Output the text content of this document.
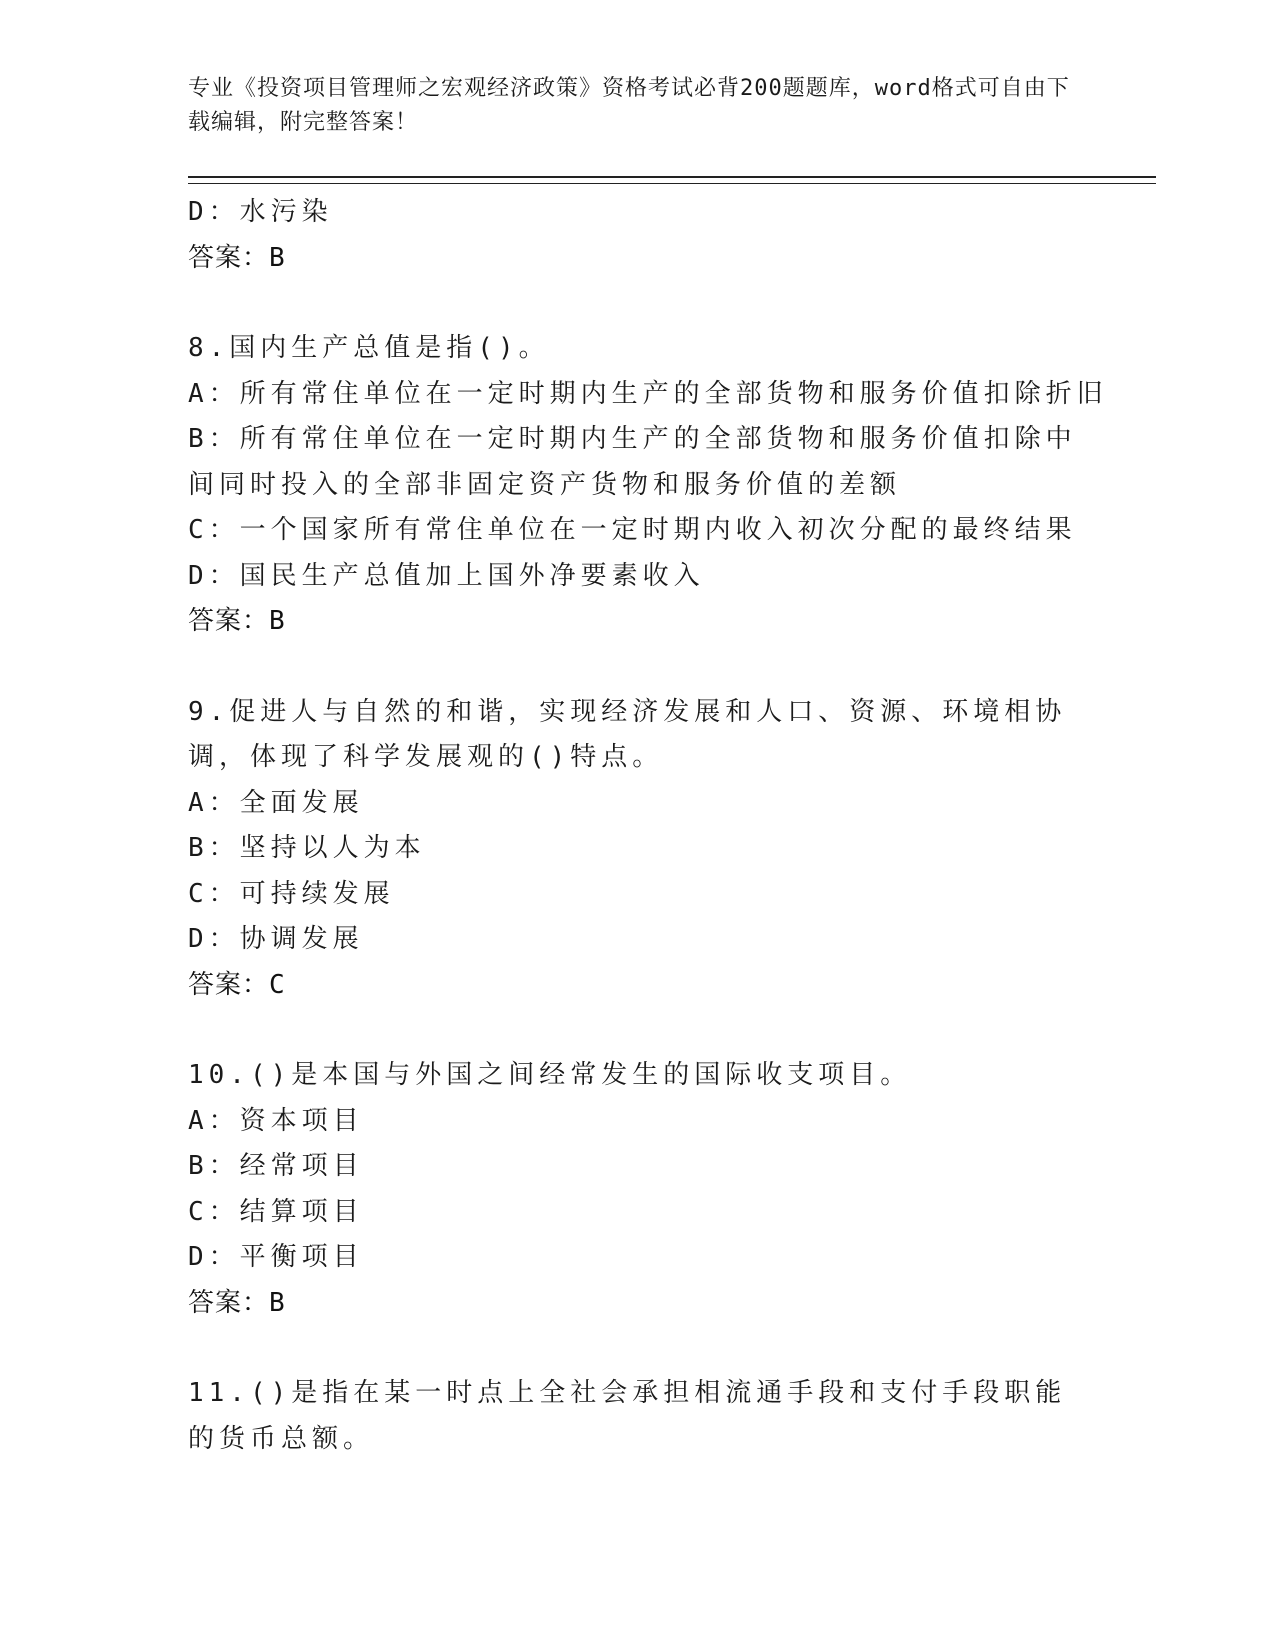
专业《投资项目管理师之宏观经济政策》资格考试必背200题题库，word格式可自由下载编辑，附完整答案！
D：水污染
答案：B
8.国内生产总值是指()。
A：所有常住单位在一定时期内生产的全部货物和服务价值扣除折旧
B：所有常住单位在一定时期内生产的全部货物和服务价值扣除中间同时投入的全部非固定资产货物和服务价值的差额
C：一个国家所有常住单位在一定时期内收入初次分配的最终结果
D：国民生产总值加上国外净要素收入
答案：B
9.促进人与自然的和谐，实现经济发展和人口、资源、环境相协调，体现了科学发展观的()特点。
A：全面发展
B：坚持以人为本
C：可持续发展
D：协调发展
答案：C
10.()是本国与外国之间经常发生的国际收支项目。
A：资本项目
B：经常项目
C：结算项目
D：平衡项目
答案：B
11.()是指在某一时点上全社会承担相流通手段和支付手段职能的货币总额。
